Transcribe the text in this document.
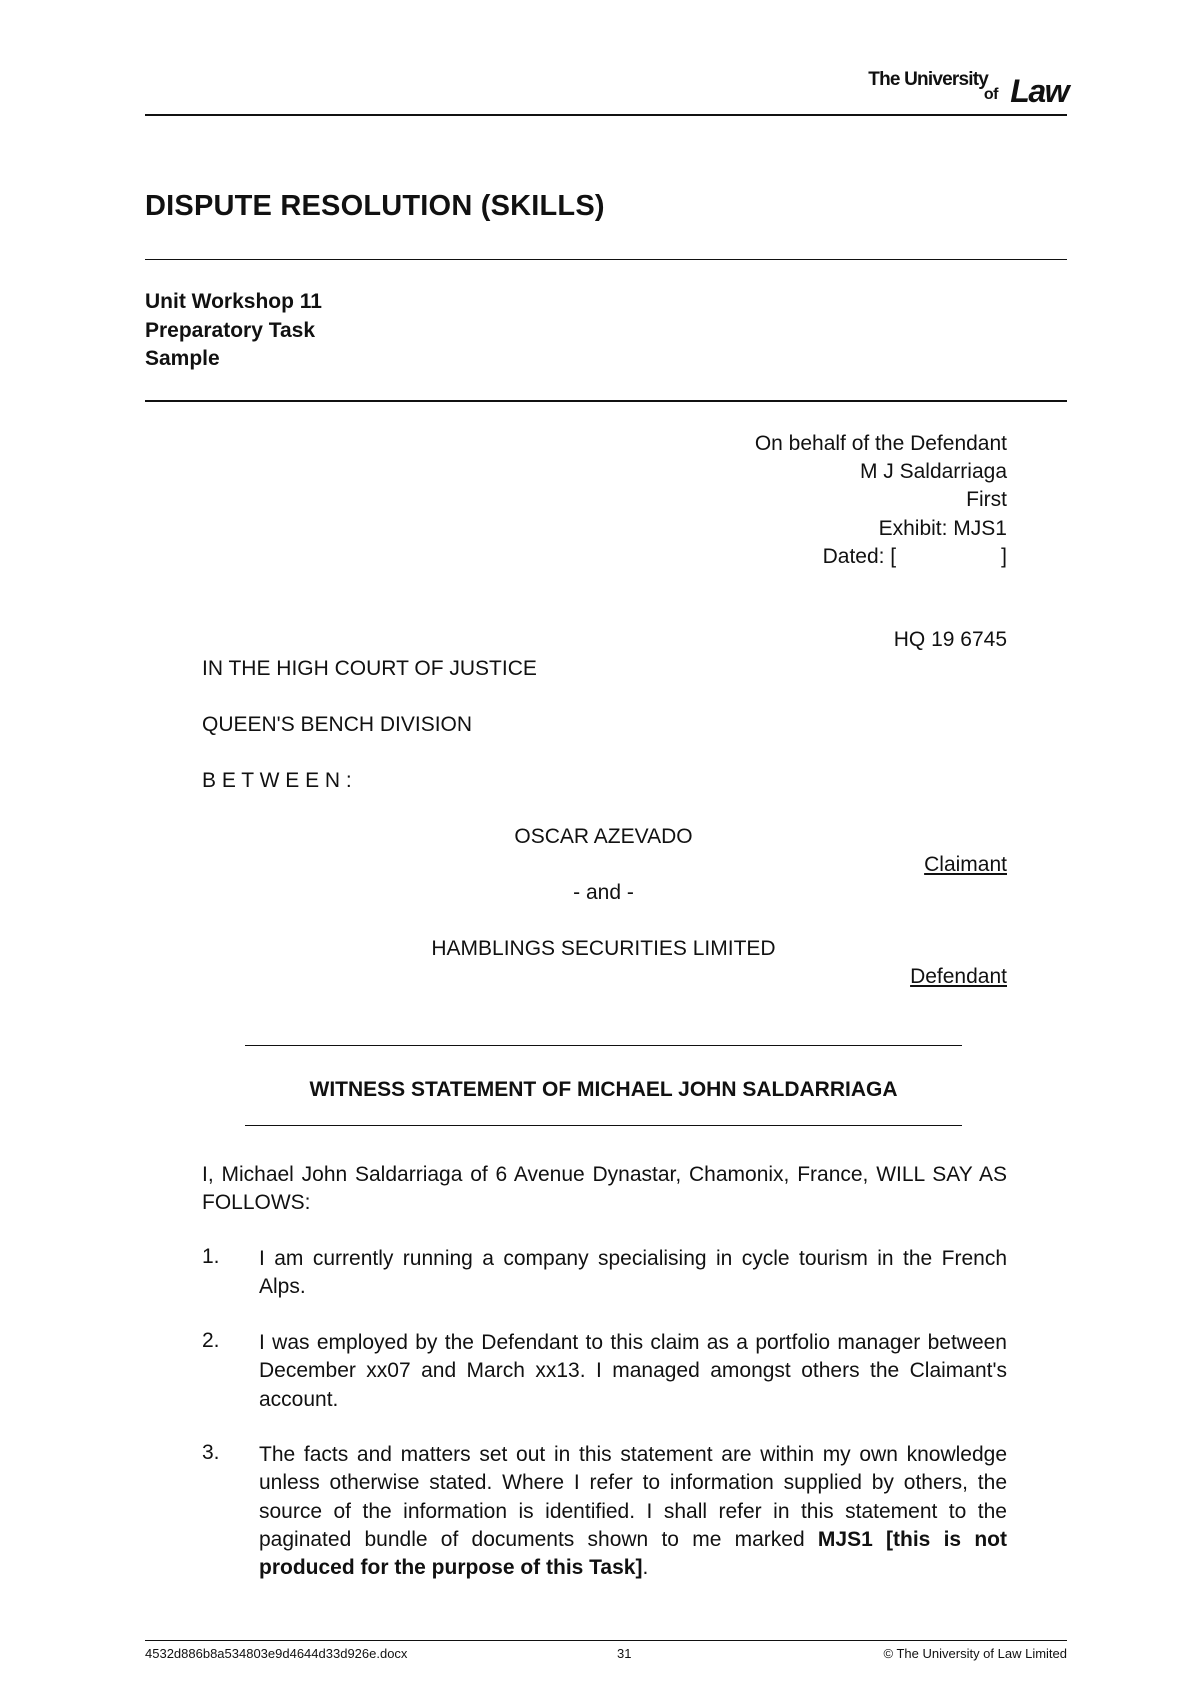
The University
of Law
DISPUTE RESOLUTION (SKILLS)
Unit Workshop 11
Preparatory Task
Sample
On behalf of the Defendant
M J Saldarriaga
First
Exhibit: MJS1
Dated: [                  ]
HQ 19 6745
IN THE HIGH COURT OF JUSTICE
QUEEN'S BENCH DIVISION
B E T W E E N :
OSCAR AZEVADO
Claimant
- and -
HAMBLINGS SECURITIES LIMITED
Defendant
WITNESS STATEMENT OF MICHAEL JOHN SALDARRIAGA
I, Michael John Saldarriaga of 6 Avenue Dynastar, Chamonix, France, WILL SAY AS FOLLOWS:
1. I am currently running a company specialising in cycle tourism in the French Alps.
2. I was employed by the Defendant to this claim as a portfolio manager between December xx07 and March xx13. I managed amongst others the Claimant's account.
3. The facts and matters set out in this statement are within my own knowledge unless otherwise stated. Where I refer to information supplied by others, the source of the information is identified. I shall refer in this statement to the paginated bundle of documents shown to me marked MJS1 [this is not produced for the purpose of this Task].
4532d886b8a534803e9d4644d33d926e.docx	31	© The University of Law Limited
